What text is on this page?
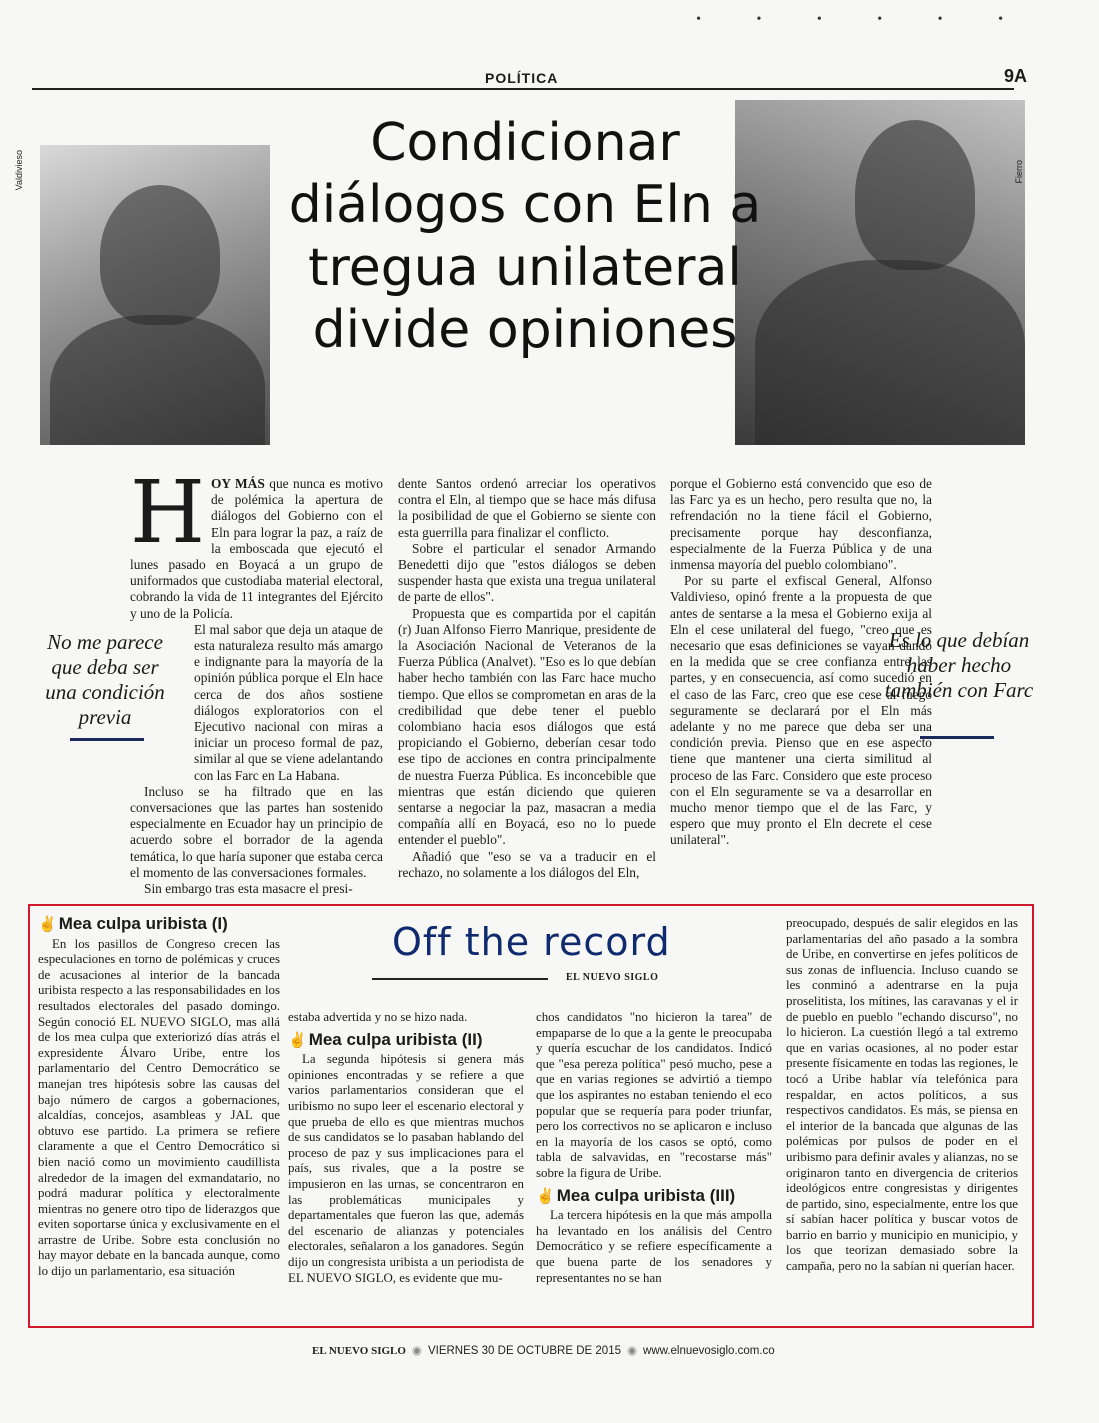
• • • • • •
POLÍTICA	9A
Valdivieso	Fierro
Condicionar diálogos con Eln a tregua unilateral divide opiniones
H OY MÁS que nunca es motivo de polémica la apertura de diálogos del Gobierno con el Eln para lograr la paz, a raíz de la emboscada que ejecutó el lunes pasado en Boyacá a un grupo de uniformados que custodiaba material electoral, cobrando la vida de 11 integrantes del Ejército y uno de la Policía.

El mal sabor que deja un ataque de esta naturaleza resulto más amargo e indignante para la mayoría de la opinión pública porque el Eln hace cerca de dos años sostiene diálogos exploratorios con el Ejecutivo nacional con miras a iniciar un proceso formal de paz, similar al que se viene adelantando con las Farc en La Habana.

Incluso se ha filtrado que en las conversaciones que las partes han sostenido especialmente en Ecuador hay un principio de acuerdo sobre el borrador de la agenda temática, lo que haría suponer que estaba cerca el momento de las conversaciones formales.

Sin embargo tras esta masacre el presi-

No me parece que deba ser una condición previa

dente Santos ordenó arreciar los operativos contra el Eln, al tiempo que se hace más difusa la posibilidad de que el Gobierno se siente con esta guerrilla para finalizar el conflicto.

Sobre el particular el senador Armando Benedetti dijo que "estos diálogos se deben suspender hasta que exista una tregua unilateral de parte de ellos".

Propuesta que es compartida por el capitán (r) Juan Alfonso Fierro Manrique, presidente de la Asociación Nacional de Veteranos de la Fuerza Pública (Analvet). "Eso es lo que debían haber hecho también con las Farc hace mucho tiempo. Que ellos se comprometan en aras de la credibilidad que debe tener el pueblo colombiano hacia esos diálogos que está propiciando el Gobierno, deberían cesar todo ese tipo de acciones en contra principalmente de nuestra Fuerza Pública. Es inconcebible que mientras que están diciendo que quieren sentarse a negociar la paz, masacran a media compañía allí en Boyacá, eso no lo puede entender el pueblo".

Añadió que "eso se va a traducir en el rechazo, no solamente a los diálogos del Eln,

porque el Gobierno está convencido que eso de las Farc ya es un hecho, pero resulta que no, la refrendación no la tiene fácil el Gobierno, precisamente porque hay desconfianza, especialmente de la Fuerza Pública y de una inmensa mayoría del pueblo colombiano".

Por su parte el exfiscal General, Alfonso Valdivieso, opinó frente a la propuesta de que antes de sentarse a la mesa el Gobierno exija al Eln el cese unilateral del fuego, "creo que es necesario que esas definiciones se vayan dando en la medida que se cree confianza entre las partes, y en consecuencia, así como sucedió en el caso de las Farc, creo que ese cese al fuego seguramente se declarará por el Eln más adelante y no me parece que deba ser una condición previa. Pienso que en ese aspecto tiene que mantener una cierta similitud al proceso de las Farc. Considero que este proceso con el Eln seguramente se va a desarrollar en mucho menor tiempo que el de las Farc, y espero que muy pronto el Eln decrete el cese unilateral".

Es lo que debían haber hecho también con Farc
✌ Mea culpa uribista (I)

En los pasillos de Congreso crecen las especulaciones en torno de polémicas y cruces de acusaciones al interior de la bancada uribista respecto a las responsabilidades en los resultados electorales del pasado domingo. Según conoció EL NUEVO SIGLO, mas allá de los mea culpa que exteriorizó días atrás el expresidente Álvaro Uribe, entre los parlamentario del Centro Democrático se manejan tres hipótesis sobre las causas del bajo número de cargos a gobernaciones, alcaldías, concejos, asambleas y JAL que obtuvo ese partido. La primera se refiere claramente a que el Centro Democrático si bien nació como un movimiento caudillista alrededor de la imagen del exmandatario, no podrá madurar política y electoralmente mientras no genere otro tipo de liderazgos que eviten soportarse única y exclusivamente en el arrastre de Uribe. Sobre esta conclusión no hay mayor debate en la bancada aunque, como lo dijo un parlamentario, esa situación

Off the record
EL NUEVO SIGLO

estaba advertida y no se hizo nada.

✌ Mea culpa uribista (II)

La segunda hipótesis si genera más opiniones encontradas y se refiere a que varios parlamentarios consideran que el uribismo no supo leer el escenario electoral y que prueba de ello es que mientras muchos de sus candidatos se lo pasaban hablando del proceso de paz y sus implicaciones para el país, sus rivales, que a la postre se impusieron en las urnas, se concentraron en las problemáticas municipales y departamentales que fueron las que, además del escenario de alianzas y potenciales electorales, señalaron a los ganadores. Según dijo un congresista uribista a un periodista de EL NUEVO SIGLO, es evidente que mu-

chos candidatos "no hicieron la tarea" de empaparse de lo que a la gente le preocupaba y quería escuchar de los candidatos. Indicó que "esa pereza política" pesó mucho, pese a que en varias regiones se advirtió a tiempo que los aspirantes no estaban teniendo el eco popular que se requería para poder triunfar, pero los correctivos no se aplicaron e incluso en la mayoría de los casos se optó, como tabla de salvavidas, en "recostarse más" sobre la figura de Uribe.

✌ Mea culpa uribista (III)

La tercera hipótesis en la que más ampolla ha levantado en los análisis del Centro Democrático y se refiere específicamente a que buena parte de los senadores y representantes no se han

preocupado, después de salir elegidos en las parlamentarias del año pasado a la sombra de Uribe, en convertirse en jefes políticos de sus zonas de influencia. Incluso cuando se les conminó a adentrarse en la puja proselitista, los mítines, las caravanas y el ir de pueblo en pueblo "echando discurso", no lo hicieron. La cuestión llegó a tal extremo que en varias ocasiones, al no poder estar presente físicamente en todas las regiones, le tocó a Uribe hablar vía telefónica para respaldar, en actos políticos, a sus respectivos candidatos. Es más, se piensa en el interior de la bancada que algunas de las polémicas por pulsos de poder en el uribismo para definir avales y alianzas, no se originaron tanto en divergencia de criterios ideológicos entre congresistas y dirigentes de partido, sino, especialmente, entre los que sí sabían hacer política y buscar votos de barrio en barrio y municipio en municipio, y los que teorizan demasiado sobre la campaña, pero no la sabían ni querían hacer.

EL NUEVO SIGLO ◉ VIERNES 30 DE OCTUBRE DE 2015 ◉ www.elnuevosiglo.com.co
